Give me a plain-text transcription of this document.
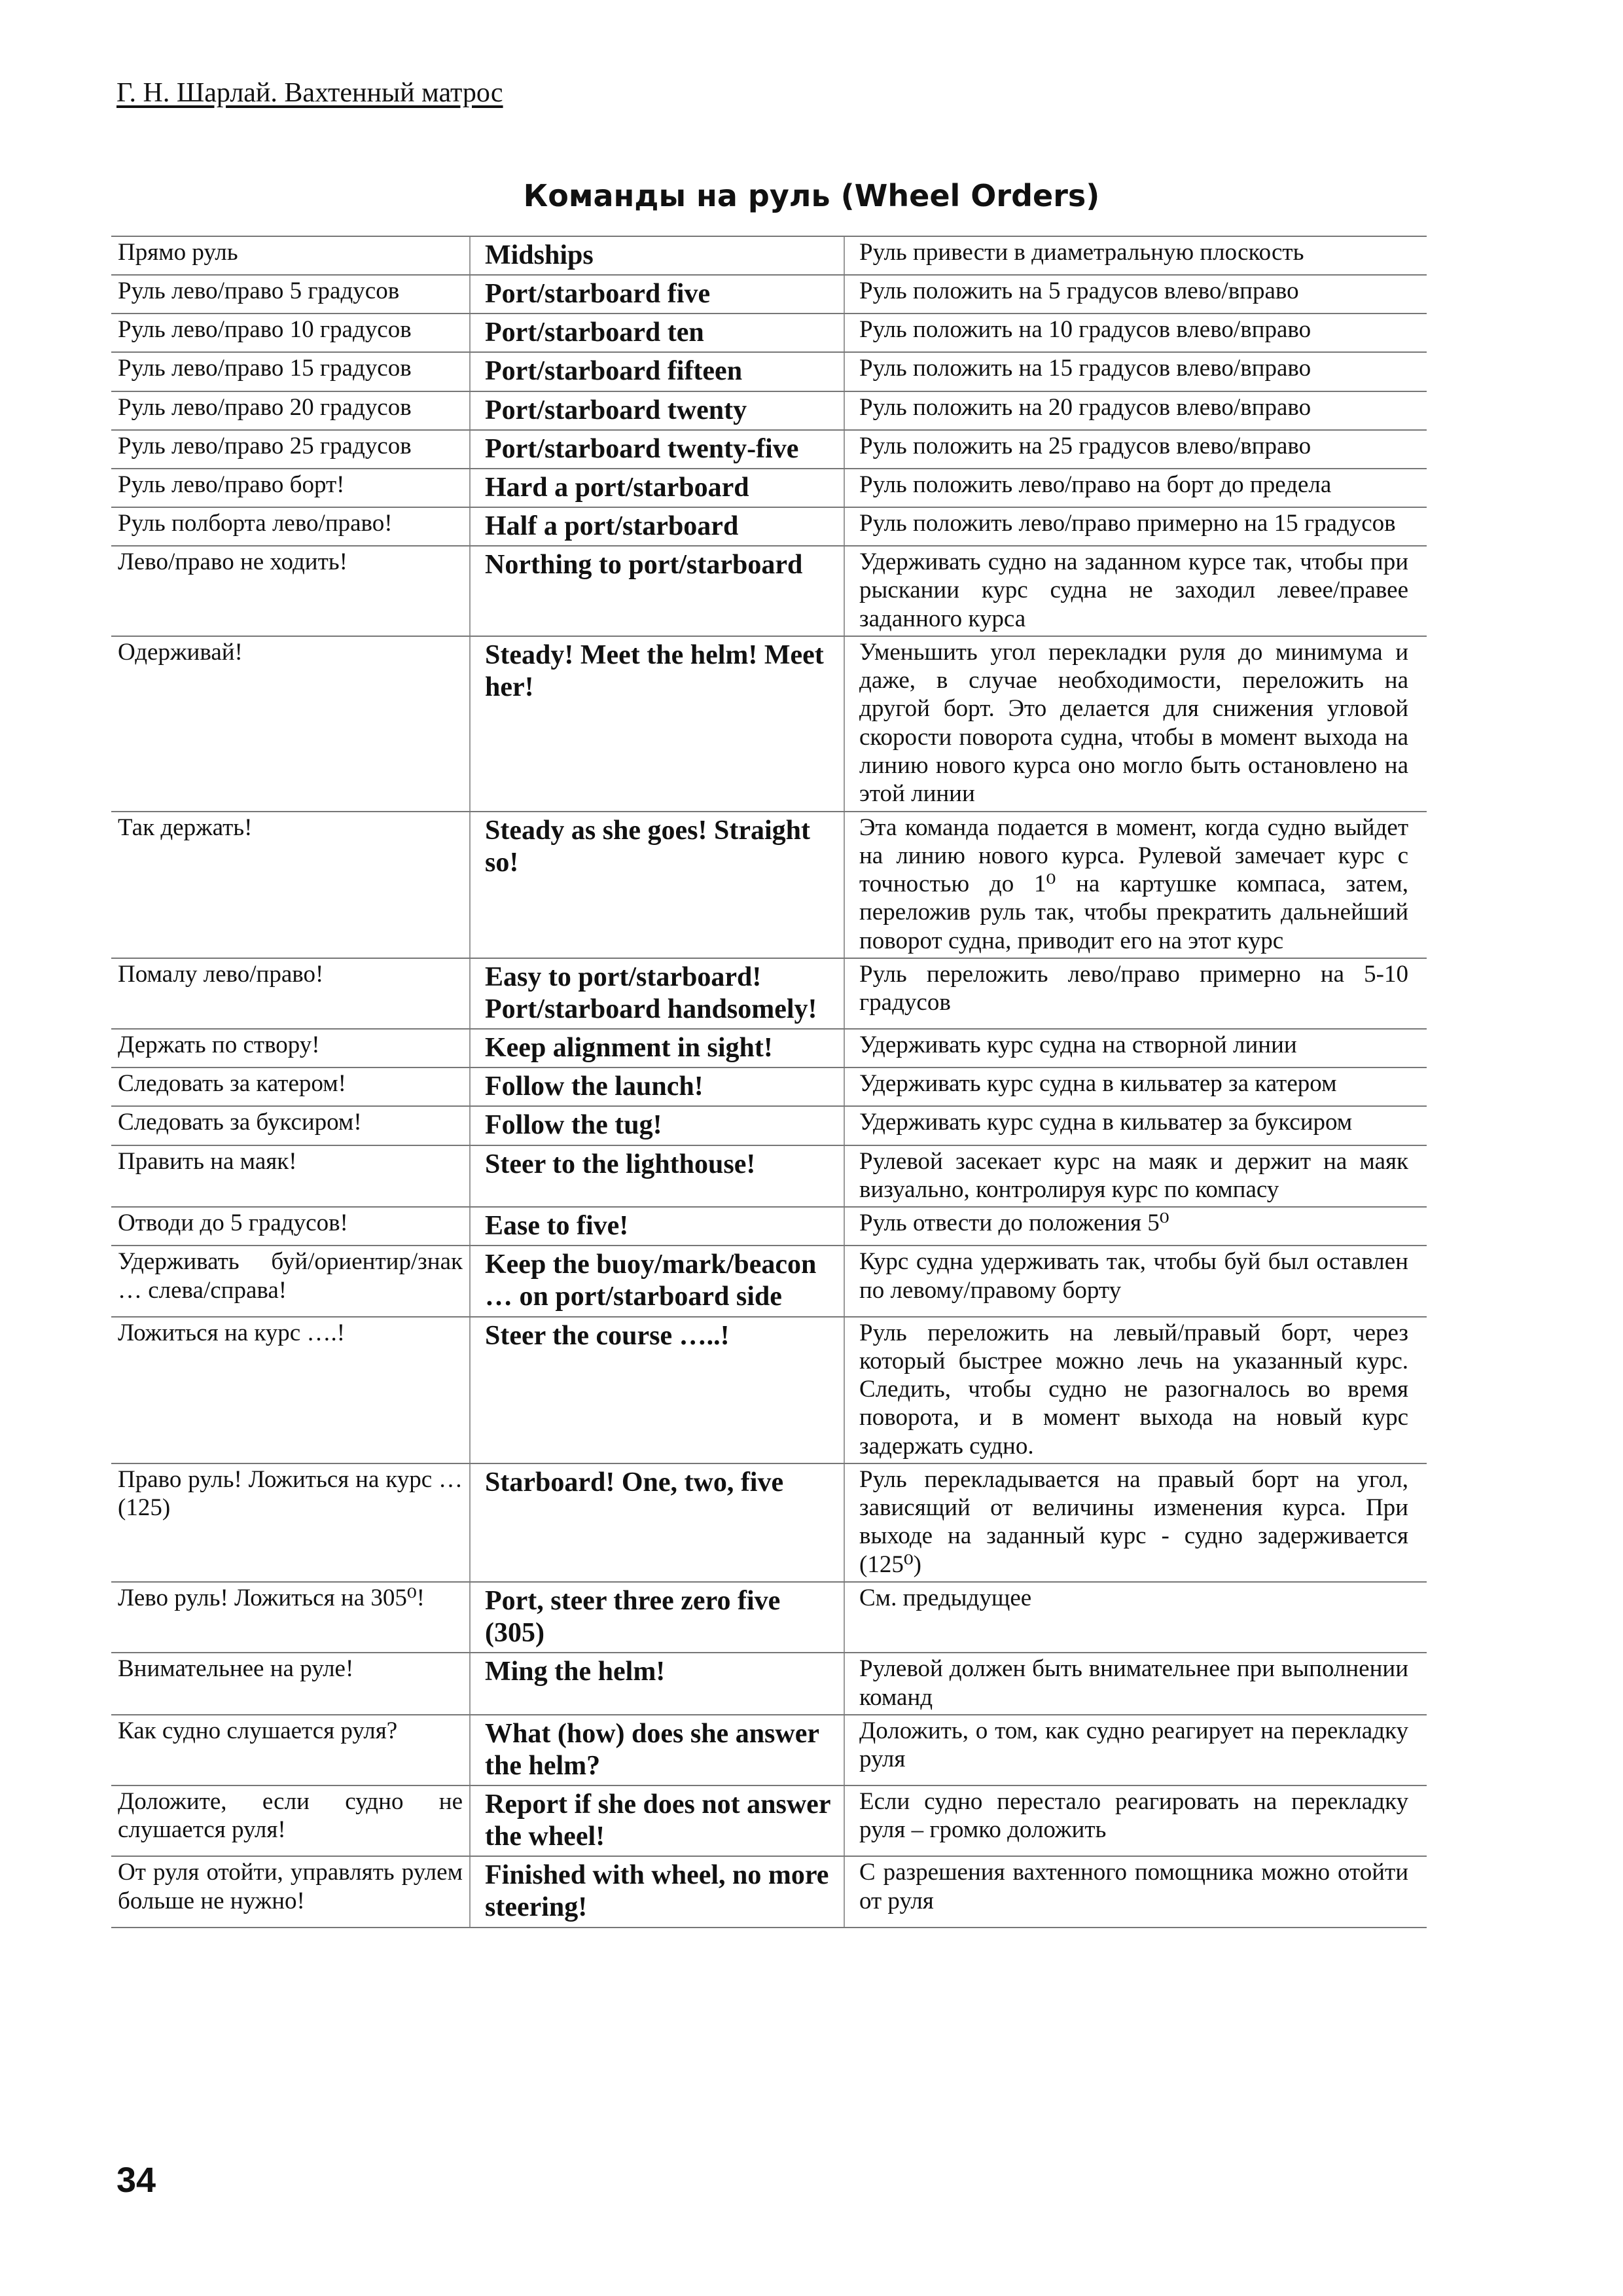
Г. Н. Шарлай. Вахтенный матрос
Команды на руль (Wheel Orders)
Прямо руль	Midships	Руль привести в диаметральную плоскость
Руль лево/право 5 градусов	Port/starboard five	Руль положить на 5 градусов влево/вправо
Руль лево/право 10 градусов	Port/starboard ten	Руль положить на 10 градусов влево/вправо
Руль лево/право 15 градусов	Port/starboard fifteen	Руль положить на 15 градусов влево/вправо
Руль лево/право 20 градусов	Port/starboard twenty	Руль положить на 20 градусов влево/вправо
Руль лево/право 25 градусов	Port/starboard twenty-five	Руль положить на 25 градусов влево/вправо
Руль лево/право борт!	Hard a port/starboard	Руль положить лево/право на борт до предела
Руль полборта лево/право!	Half a port/starboard	Руль положить лево/право примерно на 15 градусов
Лево/право не ходить!	Northing to port/starboard	Удерживать судно на заданном курсе так, чтобы при рыскании курс судна не заходил левее/правее заданного курса
Одерживай!	Steady! Meet the helm! Meet her!	Уменьшить угол перекладки руля до минимума и даже, в случае необходимости, переложить на другой борт. Это делается для снижения угловой скорости поворота судна, чтобы в момент выхода на линию нового курса оно могло быть остановлено на этой линии
Так держать!	Steady as she goes! Straight so!	Эта команда подается в момент, когда судно выйдет на линию нового курса. Рулевой замечает курс с точностью до 1⁰ на картушке компаса, затем, переложив руль так, чтобы прекратить дальнейший поворот судна, приводит его на этот курс
Помалу лево/право!	Easy to port/starboard! Port/starboard handsomely!	Руль переложить лево/право примерно на 5-10 градусов
Держать по створу!	Keep alignment in sight!	Удерживать курс судна на створной линии
Следовать за катером!	Follow the launch!	Удерживать курс судна в кильватер за катером
Следовать за буксиром!	Follow the tug!	Удерживать курс судна в кильватер за буксиром
Править на маяк!	Steer to the lighthouse!	Рулевой засекает курс на маяк и держит на маяк визуально, контролируя курс по компасу
Отводи до 5 градусов!	Ease to five!	Руль отвести до положения 5⁰
Удерживать буй/ориентир/знак … слева/справа!	Keep the buoy/mark/beacon … on port/starboard side	Курс судна удерживать так, чтобы буй был оставлен по левому/правому борту
Ложиться на курс ….!	Steer the course …..!	Руль переложить на левый/правый борт, через который быстрее можно лечь на указанный курс. Следить, чтобы судно не разогналось во время поворота, и в момент выхода на новый курс задержать судно.
Право руль! Ложиться на курс … (125)	Starboard! One, two, five	Руль перекладывается на правый борт на угол, зависящий от величины изменения курса. При выходе на заданный курс - судно задерживается (125⁰)
Лево руль! Ложиться на 305⁰!	Port, steer three zero five (305)	См. предыдущее
Внимательнее на руле!	Ming the helm!	Рулевой должен быть внимательнее при выполнении команд
Как судно слушается руля?	What (how) does she answer the helm?	Доложить, о том, как судно реагирует на перекладку руля
Доложите, если судно не слушается руля!	Report if she does not answer the wheel!	Если судно перестало реагировать на перекладку руля – громко доложить
От руля отойти, управлять рулем больше не нужно!	Finished with wheel, no more steering!	С разрешения вахтенного помощника можно отойти от руля
34
